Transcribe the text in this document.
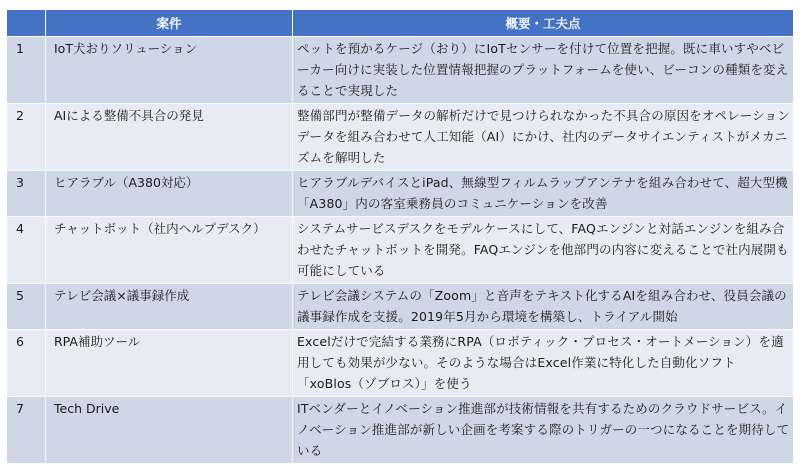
	案件	概要・工夫点
1	IoT犬おりソリューション	ペットを預かるケージ（おり）にIoTセンサーを付けて位置を把握。既に車いすやベビーカー向けに実装した位置情報把握のプラットフォームを使い、ビーコンの種類を変えることで実現した
2	AIによる整備不具合の発見	整備部門が整備データの解析だけで見つけられなかった不具合の原因をオペレーションデータを組み合わせて人工知能（AI）にかけ、社内のデータサイエンティストがメカニズムを解明した
3	ヒアラブル（A380対応）	ヒアラブルデバイスとiPad、無線型フィルムラップアンテナを組み合わせて、超大型機「A380」内の客室乗務員のコミュニケーションを改善
4	チャットボット（社内ヘルプデスク）	システムサービスデスクをモデルケースにして、FAQエンジンと対話エンジンを組み合わせたチャットボットを開発。FAQエンジンを他部門の内容に変えることで社内展開も可能にしている
5	テレビ会議×議事録作成	テレビ会議システムの「Zoom」と音声をテキスト化するAIを組み合わせ、役員会議の議事録作成を支援。2019年5月から環境を構築し、トライアル開始
6	RPA補助ツール	Excelだけで完結する業務にRPA（ロボティック・プロセス・オートメーション）を適用しても効果が少ない。そのような場合はExcel作業に特化した自動化ソフト「xoBlos（ゾブロス）」を使う
7	Tech Drive	ITベンダーとイノベーション推進部が技術情報を共有するためのクラウドサービス。イノベーション推進部が新しい企画を考案する際のトリガーの一つになることを期待している
